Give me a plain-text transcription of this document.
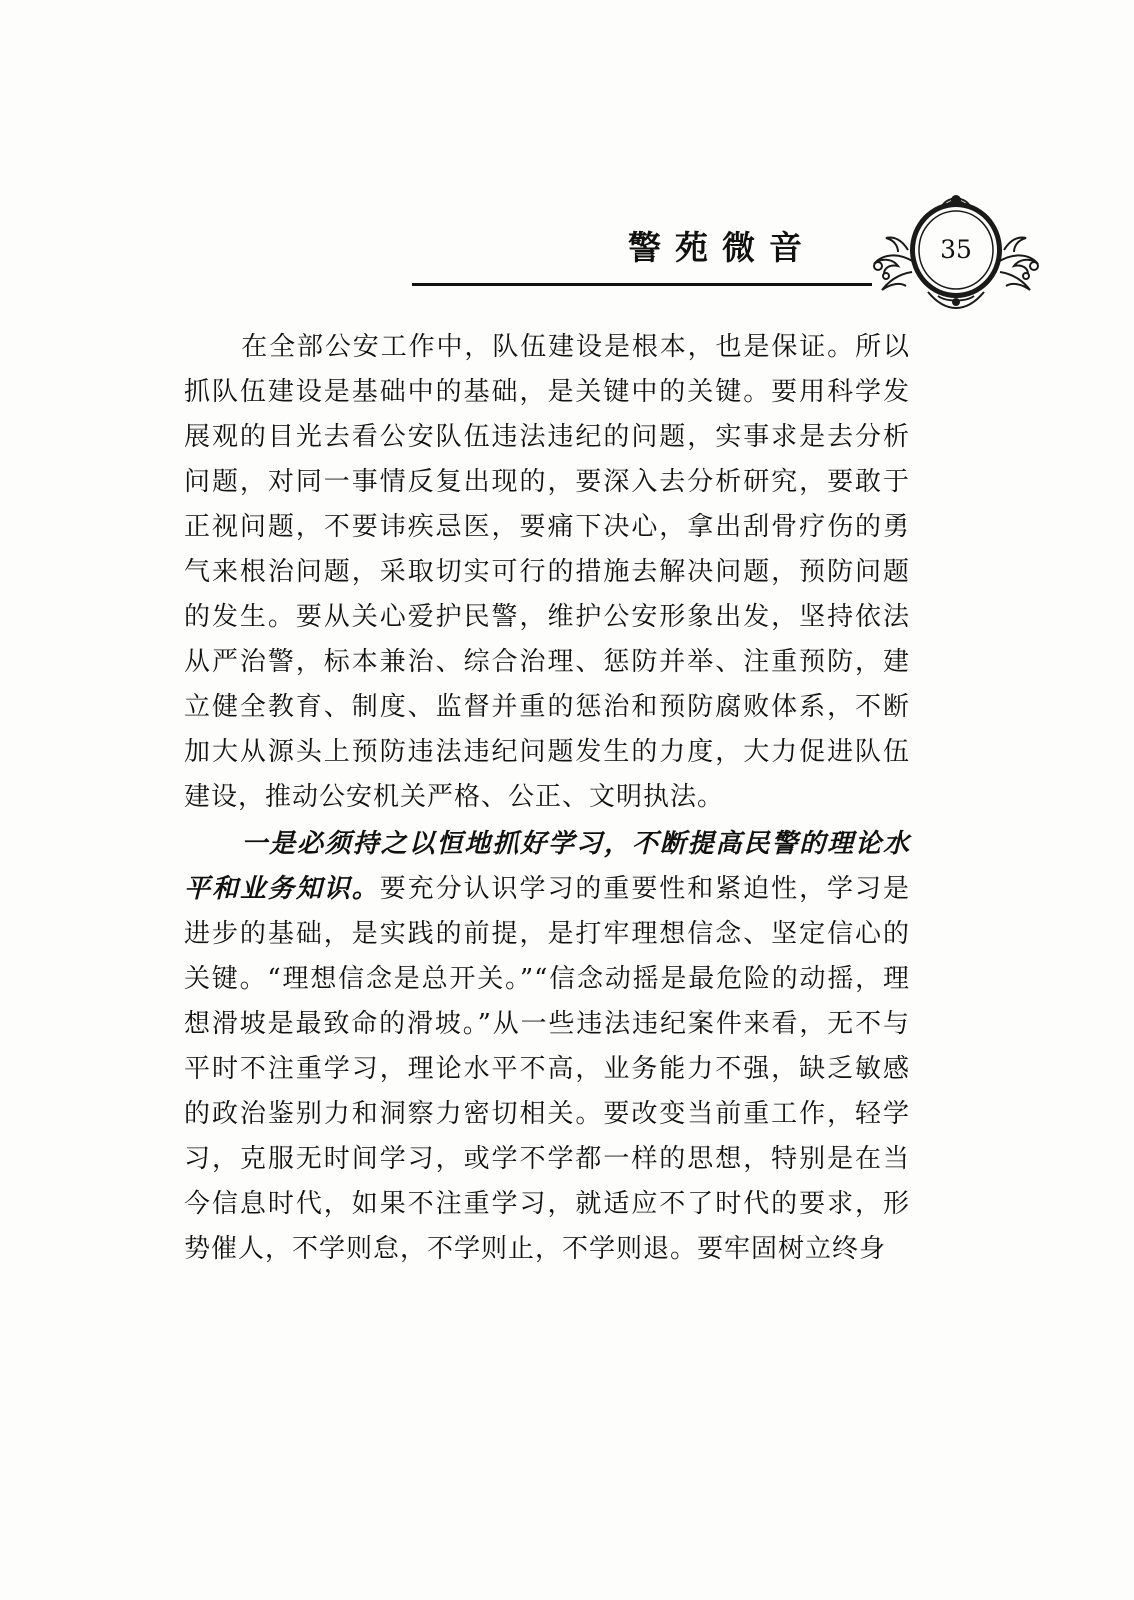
警苑微音	35

在全部公安工作中，队伍建设是根本，也是保证。所以抓队伍建设是基础中的基础，是关键中的关键。要用科学发展观的目光去看公安队伍违法违纪的问题，实事求是去分析问题，对同一事情反复出现的，要深入去分析研究，要敢于正视问题，不要讳疾忌医，要痛下决心，拿出刮骨疗伤的勇气来根治问题，采取切实可行的措施去解决问题，预防问题的发生。要从关心爱护民警，维护公安形象出发，坚持依法从严治警，标本兼治、综合治理、惩防并举、注重预防，建立健全教育、制度、监督并重的惩治和预防腐败体系，不断加大从源头上预防违法违纪问题发生的力度，大力促进队伍建设，推动公安机关严格、公正、文明执法。

一是必须持之以恒地抓好学习，不断提高民警的理论水平和业务知识。要充分认识学习的重要性和紧迫性，学习是进步的基础，是实践的前提，是打牢理想信念、坚定信心的关键。“理想信念是总开关。”“信念动摇是最危险的动摇，理想滑坡是最致命的滑坡。”从一些违法违纪案件来看，无不与平时不注重学习，理论水平不高，业务能力不强，缺乏敏感的政治鉴别力和洞察力密切相关。要改变当前重工作，轻学习，克服无时间学习，或学不学都一样的思想，特别是在当今信息时代，如果不注重学习，就适应不了时代的要求，形势催人，不学则怠，不学则止，不学则退。要牢固树立终身
